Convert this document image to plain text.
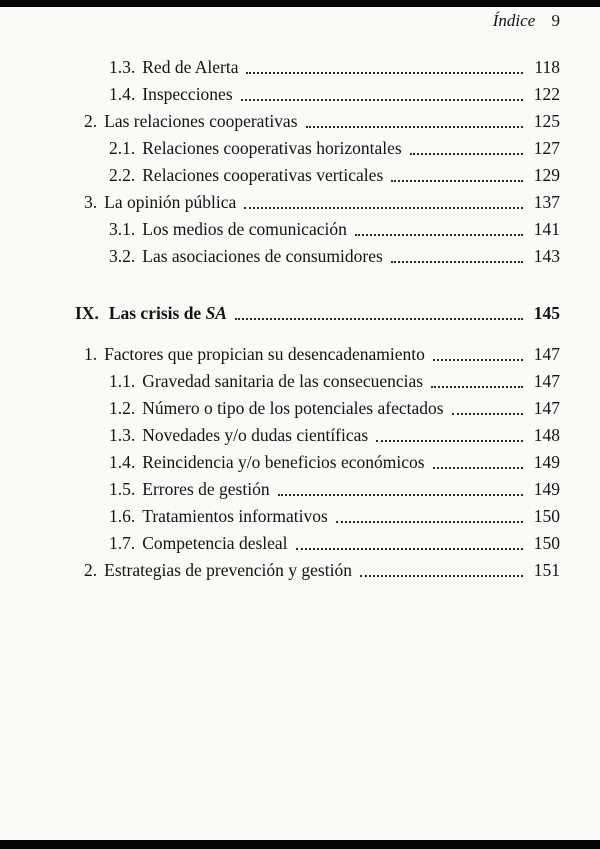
Índice 9
1.3. Red de Alerta	118
1.4. Inspecciones	122
2. Las relaciones cooperativas	125
2.1. Relaciones cooperativas horizontales	127
2.2. Relaciones cooperativas verticales	129
3. La opinión pública	137
3.1. Los medios de comunicación	141
3.2. Las asociaciones de consumidores	143
IX. Las crisis de SA	145
1. Factores que propician su desencadenamiento	147
1.1. Gravedad sanitaria de las consecuencias	147
1.2. Número o tipo de los potenciales afectados	147
1.3. Novedades y/o dudas científicas	148
1.4. Reincidencia y/o beneficios económicos	149
1.5. Errores de gestión	149
1.6. Tratamientos informativos	150
1.7. Competencia desleal	150
2. Estrategias de prevención y gestión	151
